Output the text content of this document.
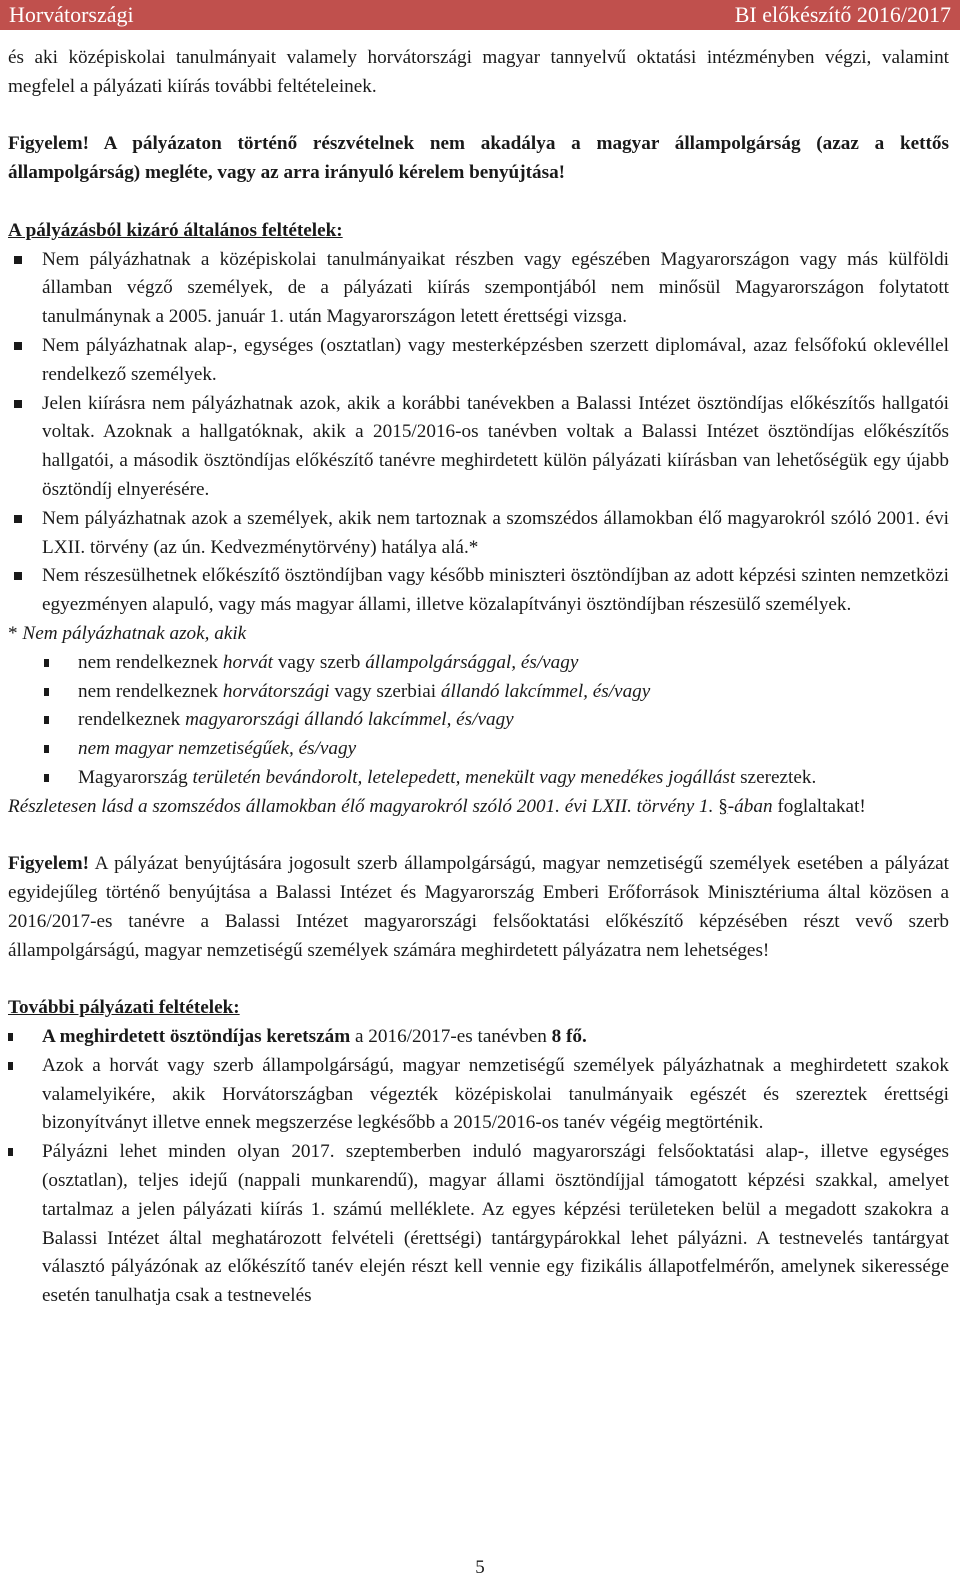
Horvátországi	BI előkészítő 2016/2017

és aki középiskolai tanulmányait valamely horvátországi magyar tannyelvű oktatási intézményben végzi, valamint megfelel a pályázati kiírás további feltételeinek.

Figyelem! A pályázaton történő részvételnek nem akadálya a magyar állampolgárság (azaz a kettős állampolgárság) megléte, vagy az arra irányuló kérelem benyújtása!

A pályázásból kizáró általános feltételek:

Nem pályázhatnak a középiskolai tanulmányaikat részben vagy egészében Magyarországon vagy más külföldi államban végző személyek, de a pályázati kiírás szempontjából nem minősül Magyarországon folytatott tanulmánynak a 2005. január 1. után Magyarországon letett érettségi vizsga.
Nem pályázhatnak alap-, egységes (osztatlan) vagy mesterképzésben szerzett diplomával, azaz felsőfokú oklevéllel rendelkező személyek.
Jelen kiírásra nem pályázhatnak azok, akik a korábbi tanévekben a Balassi Intézet ösztöndíjas előkészítős hallgatói voltak. Azoknak a hallgatóknak, akik a 2015/2016-os tanévben voltak a Balassi Intézet ösztöndíjas előkészítős hallgatói, a második ösztöndíjas előkészítő tanévre meghirdetett külön pályázati kiírásban van lehetőségük egy újabb ösztöndíj elnyerésére.
Nem pályázhatnak azok a személyek, akik nem tartoznak a szomszédos államokban élő magyarokról szóló 2001. évi LXII. törvény (az ún. Kedvezménytörvény) hatálya alá.*
Nem részesülhetnek előkészítő ösztöndíjban vagy később miniszteri ösztöndíjban az adott képzési szinten nemzetközi egyezményen alapuló, vagy más magyar állami, illetve közalapítványi ösztöndíjban részesülő személyek.

* Nem pályázhatnak azok, akik

nem rendelkeznek horvát vagy szerb állampolgársággal, és/vagy
nem rendelkeznek horvátországi vagy szerbiai állandó lakcímmel, és/vagy
rendelkeznek magyarországi állandó lakcímmel, és/vagy
nem magyar nemzetiségűek, és/vagy
Magyarország területén bevándorolt, letelepedett, menekült vagy menedékes jogállást szereztek.

Részletesen lásd a szomszédos államokban élő magyarokról szóló 2001. évi LXII. törvény 1. §-ában foglaltakat!

Figyelem! A pályázat benyújtására jogosult szerb állampolgárságú, magyar nemzetiségű személyek esetében a pályázat egyidejűleg történő benyújtása a Balassi Intézet és Magyarország Emberi Erőforrások Minisztériuma által közösen a 2016/2017-es tanévre a Balassi Intézet magyarországi felsőoktatási előkészítő képzésében részt vevő szerb állampolgárságú, magyar nemzetiségű személyek számára meghirdetett pályázatra nem lehetséges!

További pályázati feltételek:

A meghirdetett ösztöndíjas keretszám a 2016/2017-es tanévben 8 fő.
Azok a horvát vagy szerb állampolgárságú, magyar nemzetiségű személyek pályázhatnak a meghirdetett szakok valamelyikére, akik Horvátországban végezték középiskolai tanulmányaik egészét és szereztek érettségi bizonyítványt illetve ennek megszerzése legkésőbb a 2015/2016-os tanév végéig megtörténik.
Pályázni lehet minden olyan 2017. szeptemberben induló magyarországi felsőoktatási alap-, illetve egységes (osztatlan), teljes idejű (nappali munkarendű), magyar állami ösztöndíjjal támogatott képzési szakkal, amelyet tartalmaz a jelen pályázati kiírás 1. számú melléklete. Az egyes képzési területeken belül a megadott szakokra a Balassi Intézet által meghatározott felvételi (érettségi) tantárgypárokkal lehet pályázni. A testnevelés tantárgyat választó pályázónak az előkészítő tanév elején részt kell vennie egy fizikális állapotfelmérőn, amelynek sikeressége esetén tanulhatja csak a testnevelés
5
